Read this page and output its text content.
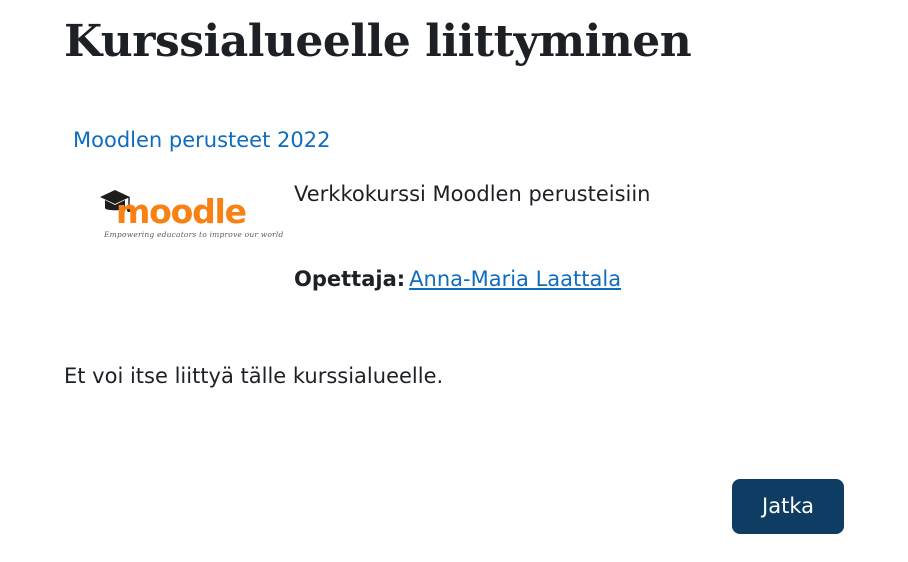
Kurssialueelle liittyminen
Moodlen perusteet 2022
moodle
Empowering educators to improve our world
Verkkokurssi Moodlen perusteisiin
Opettaja: Anna-Maria Laattala
Et voi itse liittyä tälle kurssialueelle.
Jatka
